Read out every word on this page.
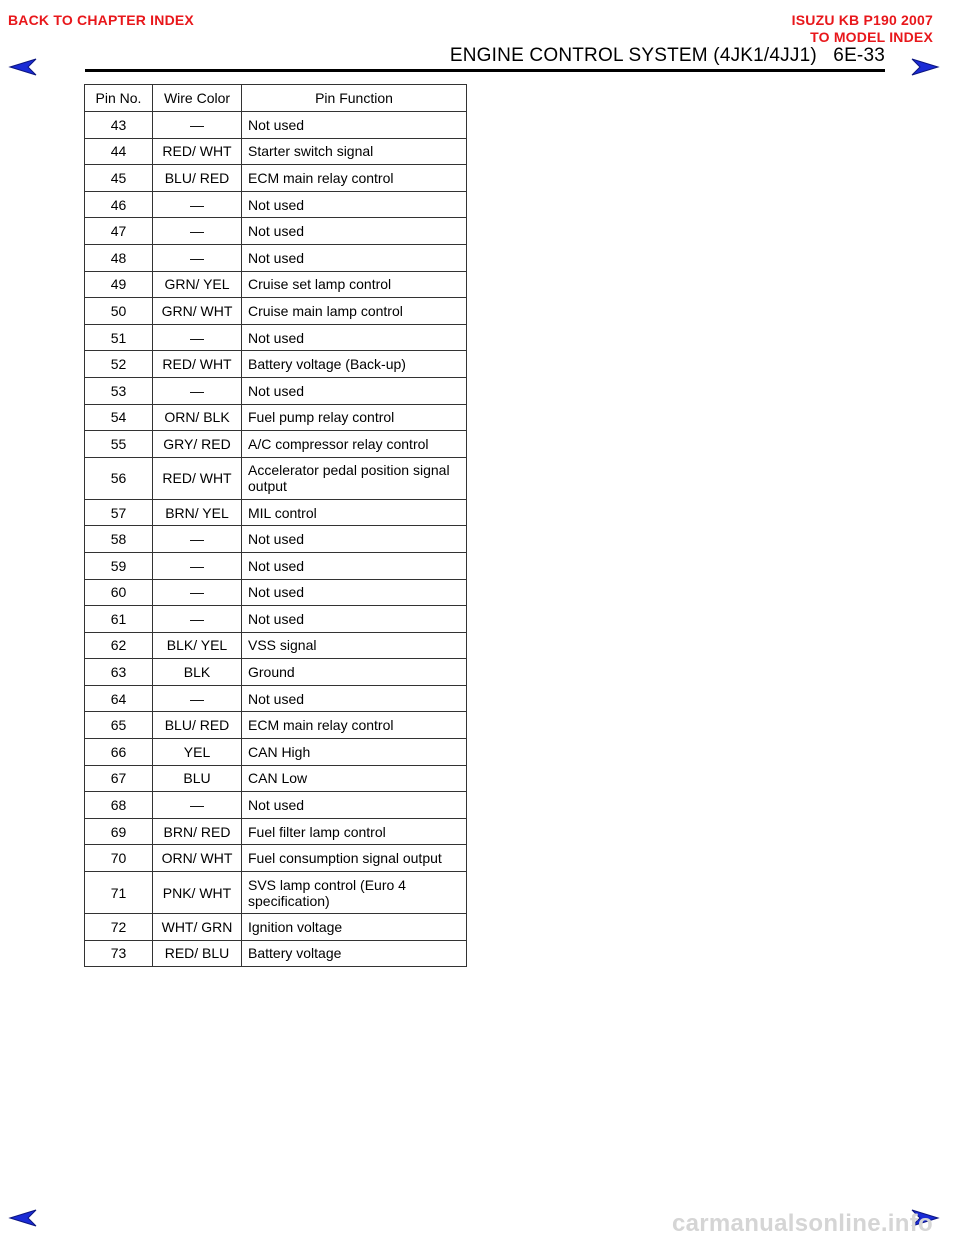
BACK TO CHAPTER INDEX	ISUZU KB P190 2007
TO MODEL INDEX
ENGINE CONTROL SYSTEM (4JK1/4JJ1)   6E-33
Pin No.	Wire Color	Pin Function
43	—	Not used
44	RED/ WHT	Starter switch signal
45	BLU/ RED	ECM main relay control
46	—	Not used
47	—	Not used
48	—	Not used
49	GRN/ YEL	Cruise set lamp control
50	GRN/ WHT	Cruise main lamp control
51	—	Not used
52	RED/ WHT	Battery voltage (Back-up)
53	—	Not used
54	ORN/ BLK	Fuel pump relay control
55	GRY/ RED	A/C compressor relay control
56	RED/ WHT	Accelerator pedal position signal output
57	BRN/ YEL	MIL control
58	—	Not used
59	—	Not used
60	—	Not used
61	—	Not used
62	BLK/ YEL	VSS signal
63	BLK	Ground
64	—	Not used
65	BLU/ RED	ECM main relay control
66	YEL	CAN High
67	BLU	CAN Low
68	—	Not used
69	BRN/ RED	Fuel filter lamp control
70	ORN/ WHT	Fuel consumption signal output
71	PNK/ WHT	SVS lamp control (Euro 4 specification)
72	WHT/ GRN	Ignition voltage
73	RED/ BLU	Battery voltage
carmanualsonline.info
